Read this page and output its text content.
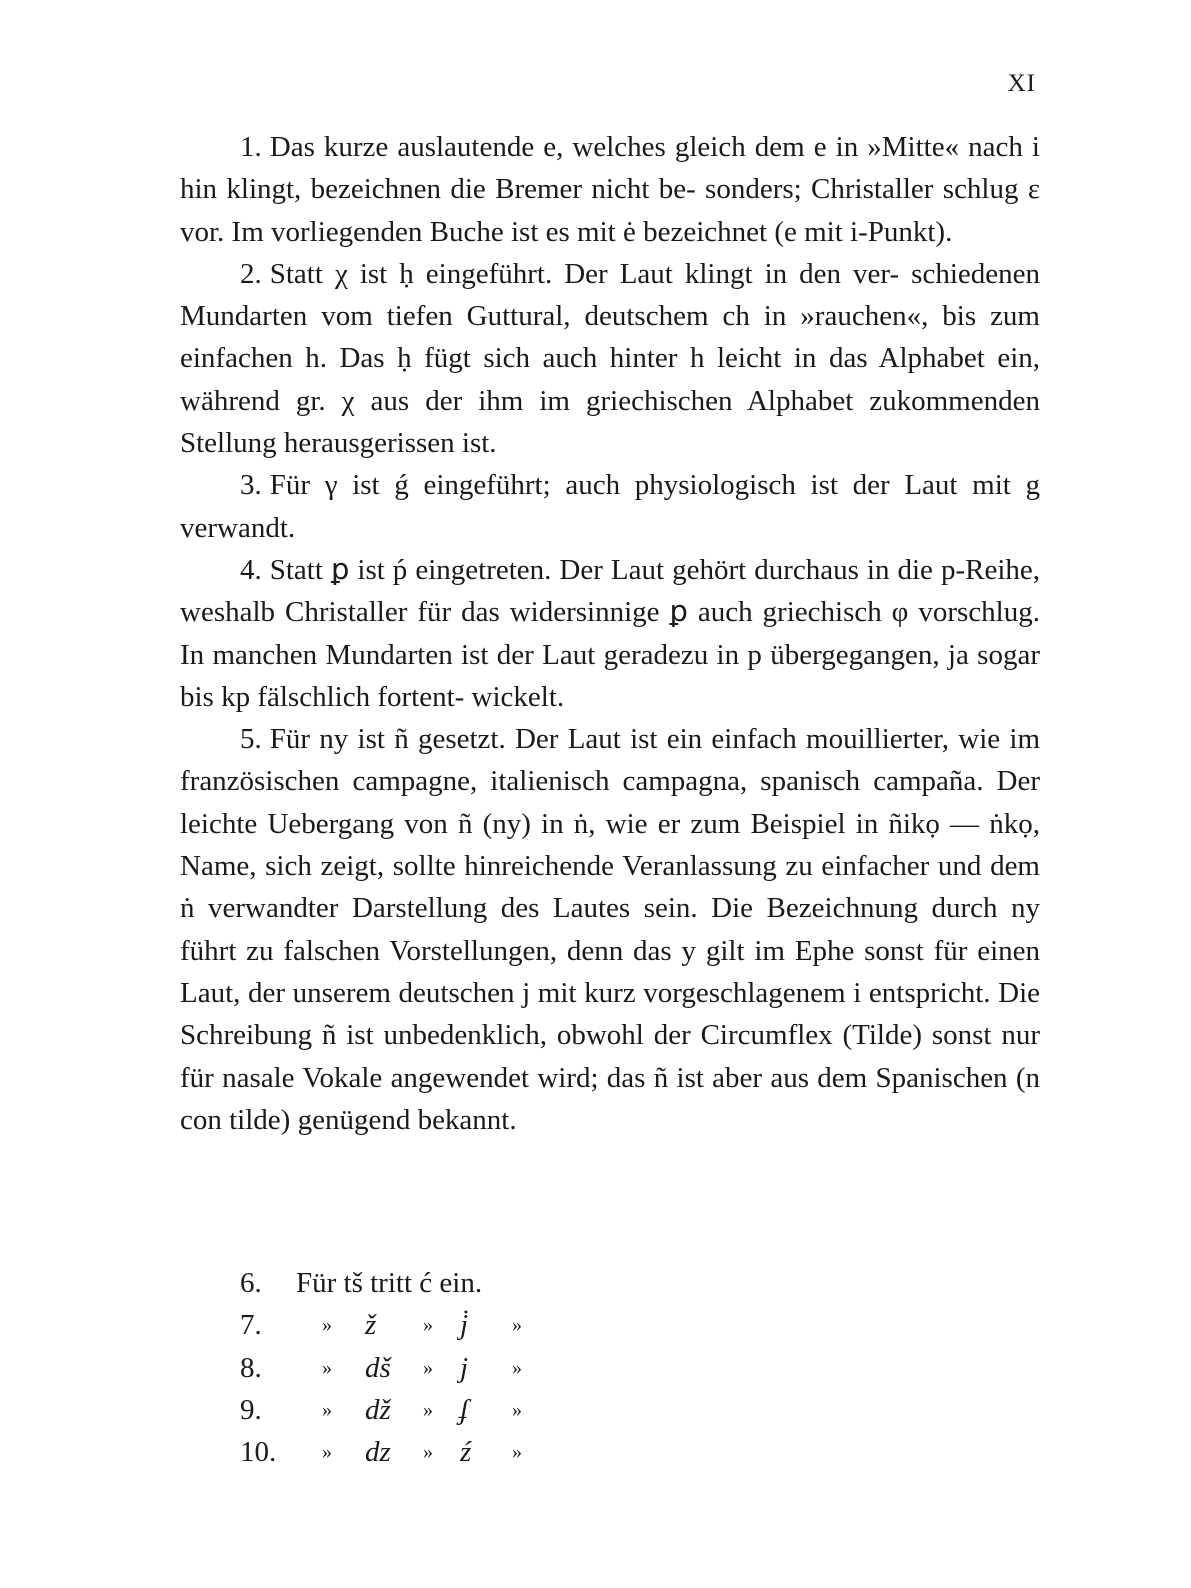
XI

1. Das kurze auslautende e, welches gleich dem e in »Mitte« nach i hin klingt, bezeichnen die Bremer nicht be- sonders; Christaller schlug ε vor. Im vorliegenden Buche ist es mit ė bezeichnet (e mit i-Punkt).

2. Statt χ ist ḥ eingeführt. Der Laut klingt in den ver- schiedenen Mundarten vom tiefen Guttural, deutschem ch in »rauchen«, bis zum einfachen h. Das ḥ fügt sich auch hinter h leicht in das Alphabet ein, während gr. χ aus der ihm im griechischen Alphabet zukommenden Stellung herausgerissen ist.

3. Für γ ist ǵ eingeführt; auch physiologisch ist der Laut mit g verwandt.

4. Statt ꝑ ist ṕ eingetreten. Der Laut gehört durchaus in die p-Reihe, weshalb Christaller für das widersinnige ꝑ auch griechisch φ vorschlug. In manchen Mundarten ist der Laut geradezu in p übergegangen, ja sogar bis kp fälschlich fortent- wickelt.

5. Für ny ist ñ gesetzt. Der Laut ist ein einfach mouillierter, wie im französischen campagne, italienisch campagna, spanisch campaña. Der leichte Uebergang von ñ (ny) in ṅ, wie er zum Beispiel in ñikọ — ṅkọ, Name, sich zeigt, sollte hinreichende Veranlassung zu einfacher und dem ṅ verwandter Darstellung des Lautes sein. Die Bezeichnung durch ny führt zu falschen Vorstellungen, denn das y gilt im Ephe sonst für einen Laut, der unserem deutschen j mit kurz vorgeschlagenem i entspricht. Die Schreibung ñ ist unbedenklich, obwohl der Circumflex (Tilde) sonst nur für nasale Vokale angewendet wird; das ñ ist aber aus dem Spanischen (n con tilde) genügend bekannt.

6. Für tš tritt ć ein.
7.	» ž » j̇ »
8.	» dš » j »
9.	» dž » ʄ »
10. » dz » ź »
